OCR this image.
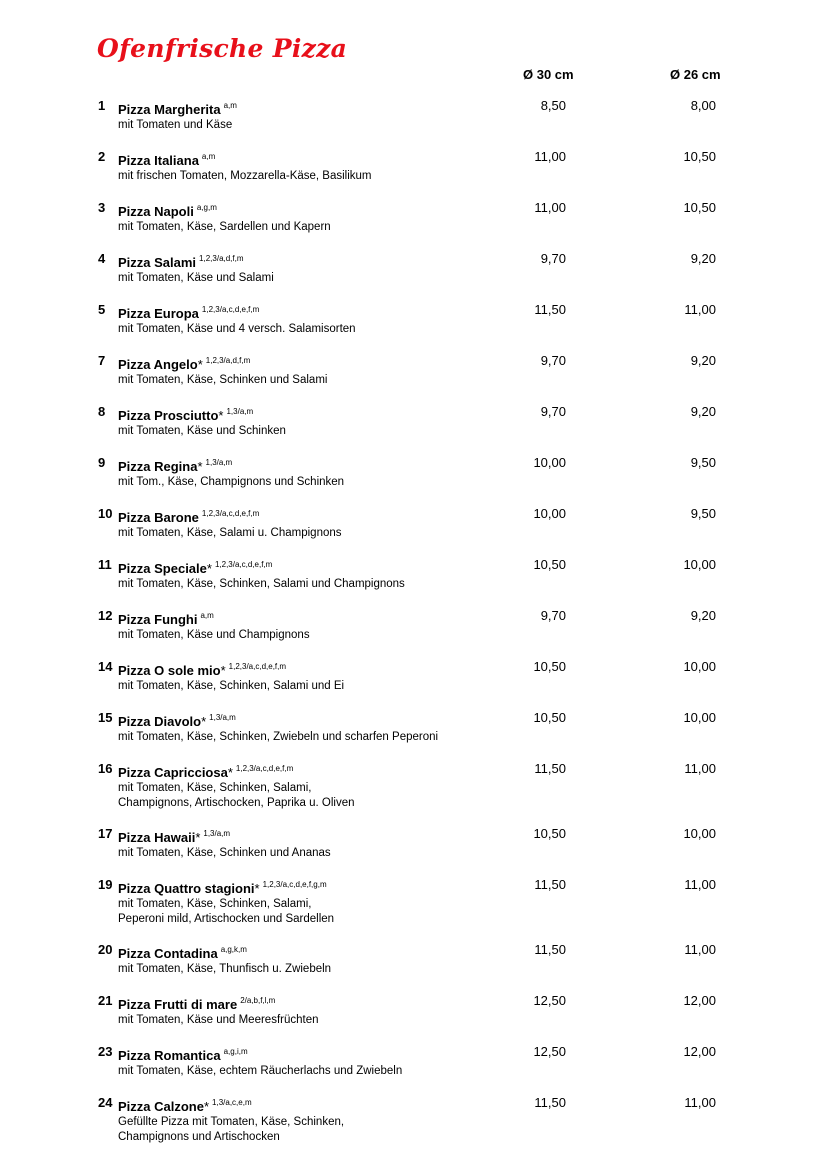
Ofenfrische Pizza
Ø 30 cm	Ø 26 cm
1 Pizza Margherita $^{a,m}$
mit Tomaten und Käse
8,50	8,00
2 Pizza Italiana $^{a,m}$
mit frischen Tomaten, Mozzarella-Käse, Basilikum
11,00	10,50
3 Pizza Napoli $^{a,g,m}$
mit Tomaten, Käse, Sardellen und Kapern
11,00	10,50
4 Pizza Salami $^{1,2,3/a,d,f,m}$
mit Tomaten, Käse und Salami
9,70	9,20
5 Pizza Europa $^{1,2,3/a,c,d,e,f,m}$
mit Tomaten, Käse und 4 versch. Salamisorten
11,50	11,00
7 Pizza Angelo* $^{1,2,3/a,d,f,m}$
mit Tomaten, Käse, Schinken und Salami
9,70	9,20
8 Pizza Prosciutto* $^{1,3/a,m}$
mit Tomaten, Käse und Schinken
9,70	9,20
9 Pizza Regina* $^{1,3/a,m}$
mit Tom., Käse, Champignons und Schinken
10,00	9,50
10 Pizza Barone $^{1,2,3/a,c,d,e,f,m}$
mit Tomaten, Käse, Salami u. Champignons
10,00	9,50
11 Pizza Speciale* $^{1,2,3/a,c,d,e,f,m}$
mit Tomaten, Käse, Schinken, Salami und Champignons
10,50	10,00
12 Pizza Funghi $^{a,m}$
mit Tomaten, Käse und Champignons
9,70	9,20
14 Pizza O sole mio* $^{1,2,3/a,c,d,e,f,m}$
mit Tomaten, Käse, Schinken, Salami und Ei
10,50	10,00
15 Pizza Diavolo* $^{1,3/a,m}$
mit Tomaten, Käse, Schinken, Zwiebeln und scharfen Peperoni
10,50	10,00
16 Pizza Capricciosa* $^{1,2,3/a,c,d,e,f,m}$
mit Tomaten, Käse, Schinken, Salami,
Champignons, Artischocken, Paprika u. Oliven
11,50	11,00
17 Pizza Hawaii* $^{1,3/a,m}$
mit Tomaten, Käse, Schinken und Ananas
10,50	10,00
19 Pizza Quattro stagioni* $^{1,2,3/a,c,d,e,f,g,m}$
mit Tomaten, Käse, Schinken, Salami,
Peperoni mild, Artischocken und Sardellen
11,50	11,00
20 Pizza Contadina $^{a,g,k,m}$
mit Tomaten, Käse, Thunfisch u. Zwiebeln
11,50	11,00
21 Pizza Frutti di mare $^{2/a,b,f,l,m}$
mit Tomaten, Käse und Meeresfrüchten
12,50	12,00
23 Pizza Romantica $^{a,g,i,m}$
mit Tomaten, Käse, echtem Räucherlachs und Zwiebeln
12,50	12,00
24 Pizza Calzone* $^{1,3/a,c,e,m}$
Gefüllte Pizza mit Tomaten, Käse, Schinken,
Champignons und Artischocken
11,50	11,00
